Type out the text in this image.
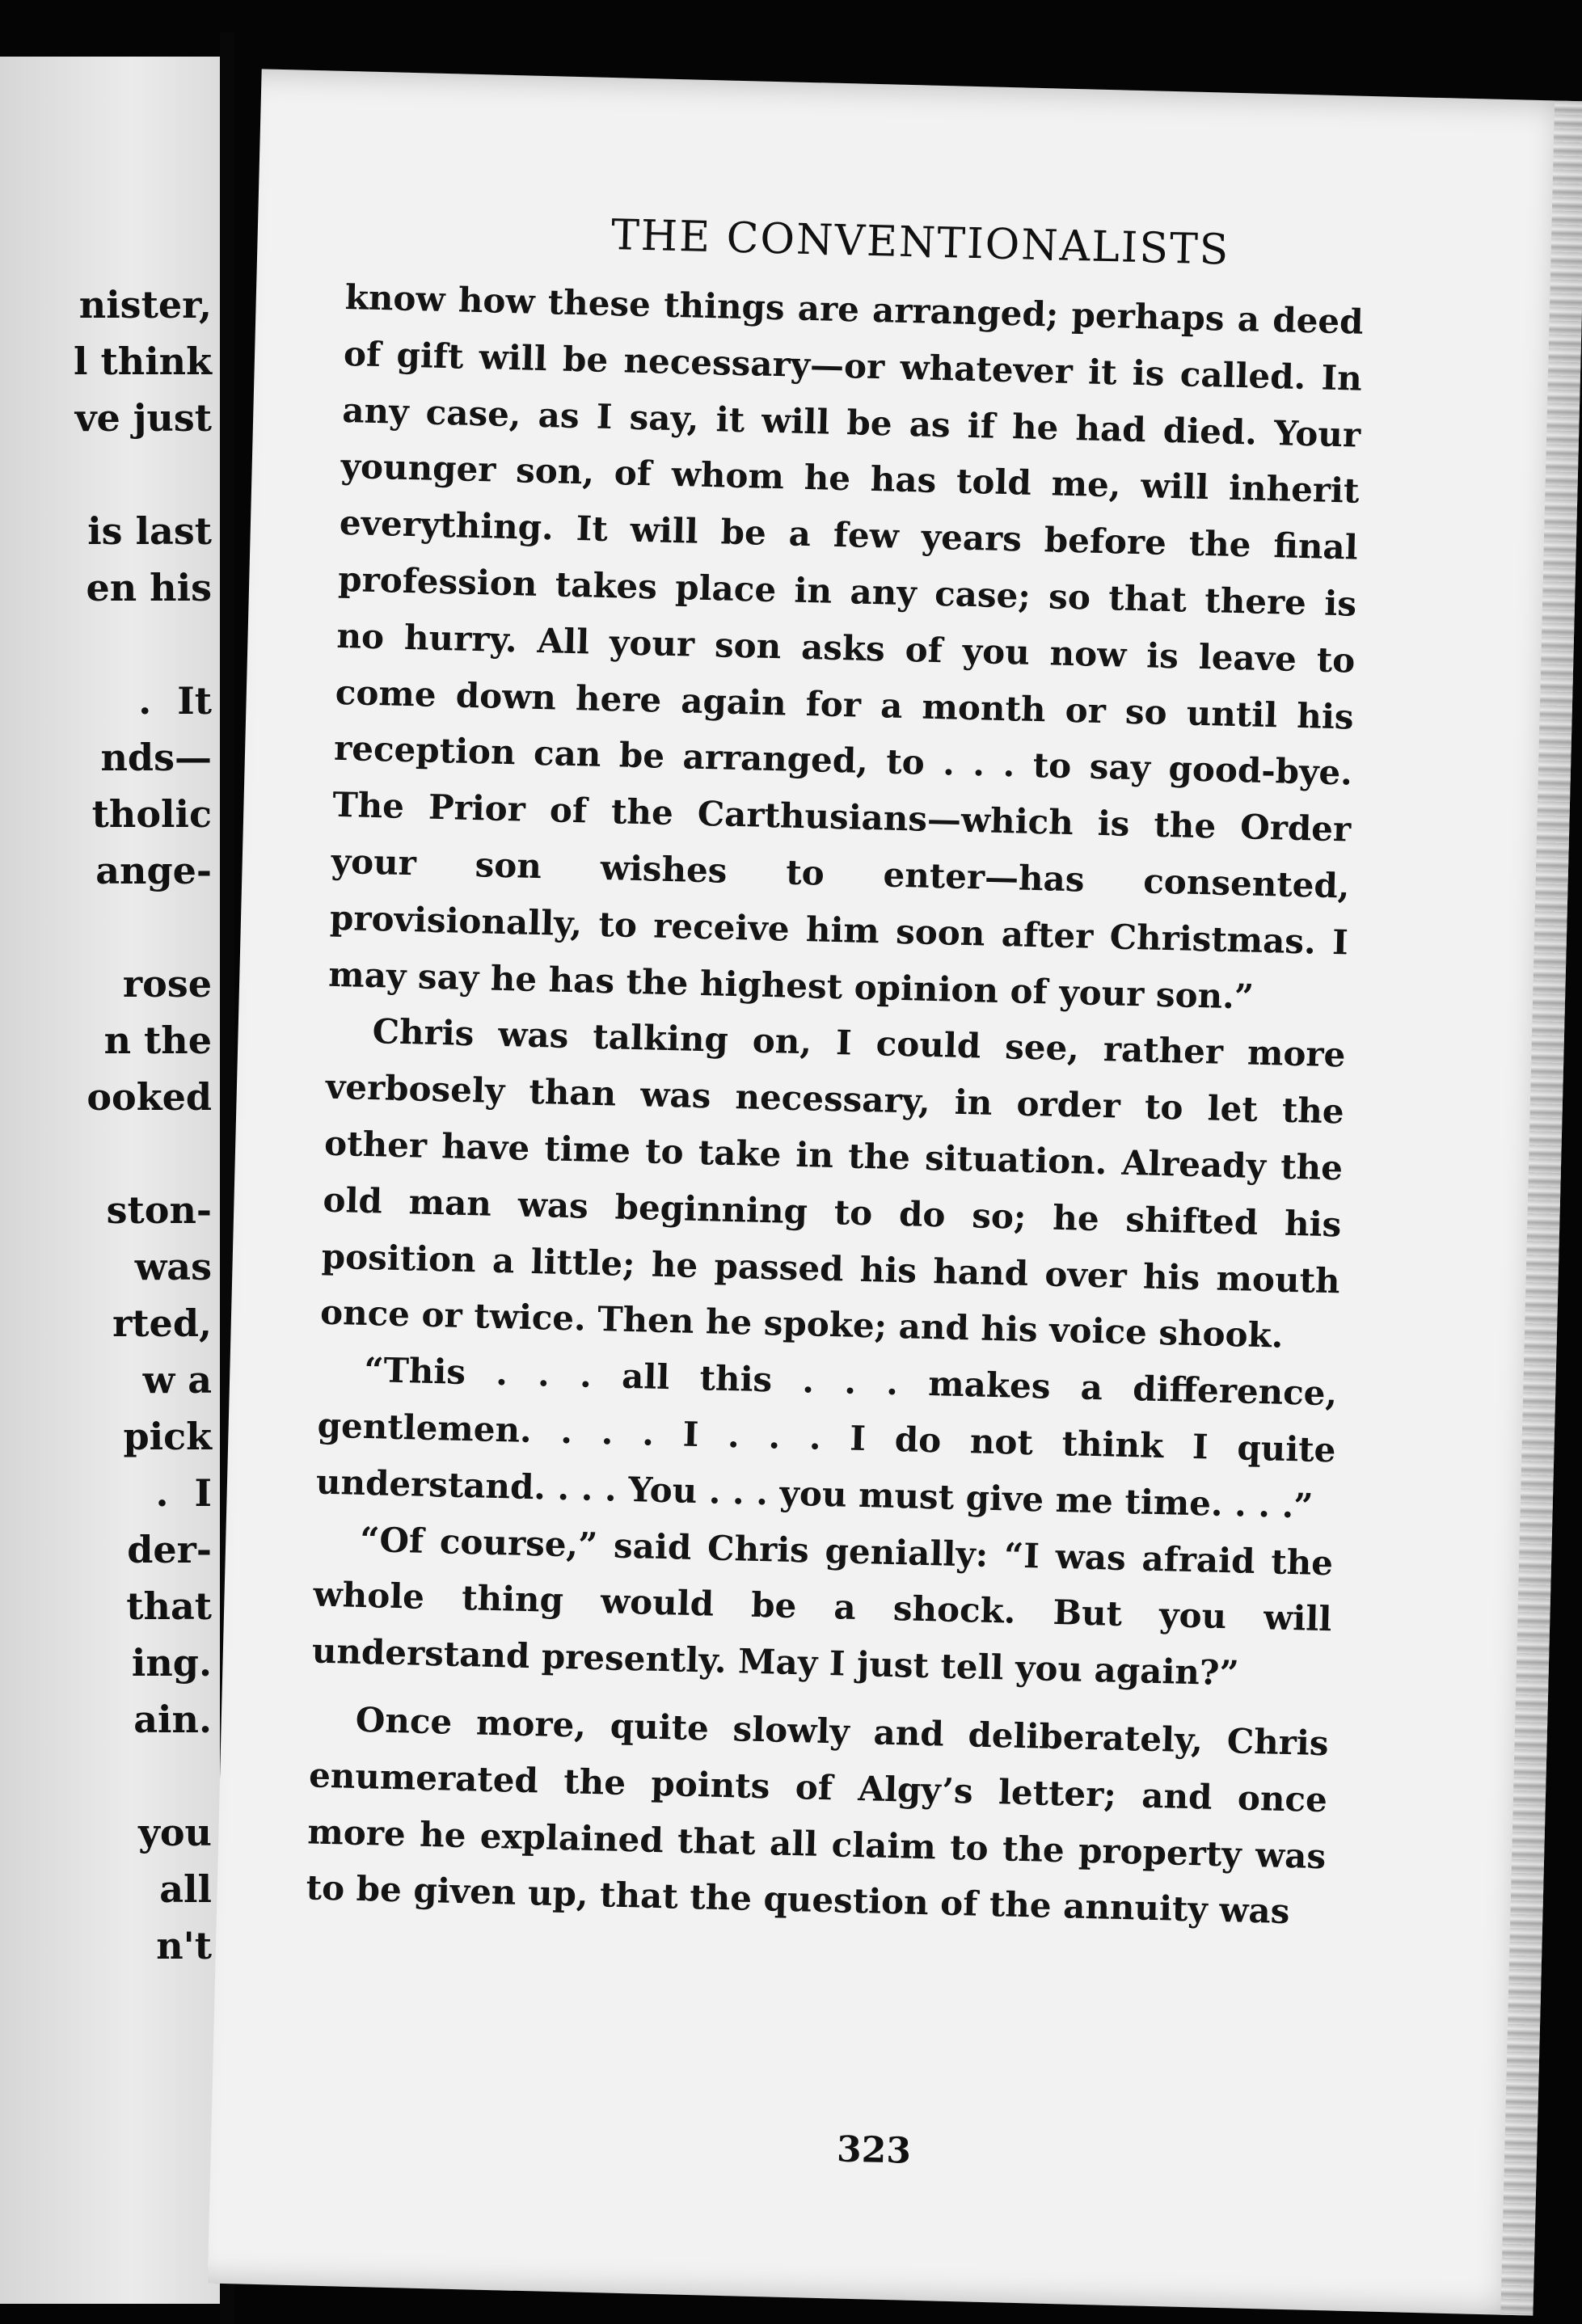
nister,
l think
ve just

is last
en his

.  It
nds—
tholic
ange-

rose
n the
ooked

ston-
was
rted,
w a
pick
.  I
der-
that
ing.
ain.

you
all
n't
THE CONVENTIONALISTS

know how these things are arranged; perhaps a deed of gift will be necessary—or whatever it is called. In any case, as I say, it will be as if he had died. Your younger son, of whom he has told me, will inherit everything. It will be a few years before the final profession takes place in any case; so that there is no hurry. All your son asks of you now is leave to come down here again for a month or so until his reception can be arranged, to . . . to say good-bye. The Prior of the Carthusians—which is the Order your son wishes to enter—has consented, provisionally, to receive him soon after Christmas. I may say he has the highest opinion of your son.”

Chris was talking on, I could see, rather more verbosely than was necessary, in order to let the other have time to take in the situation. Already the old man was beginning to do so; he shifted his position a little; he passed his hand over his mouth once or twice. Then he spoke; and his voice shook.

“This . . . all this . . . makes a difference, gentlemen. . . . I . . . I do not think I quite understand. . . . You . . . you must give me time. . . .”

“Of course,” said Chris genially: “I was afraid the whole thing would be a shock. But you will understand presently. May I just tell you again?”

Once more, quite slowly and deliberately, Chris enumerated the points of Algy’s letter; and once more he explained that all claim to the property was to be given up, that the question of the annuity was

323
